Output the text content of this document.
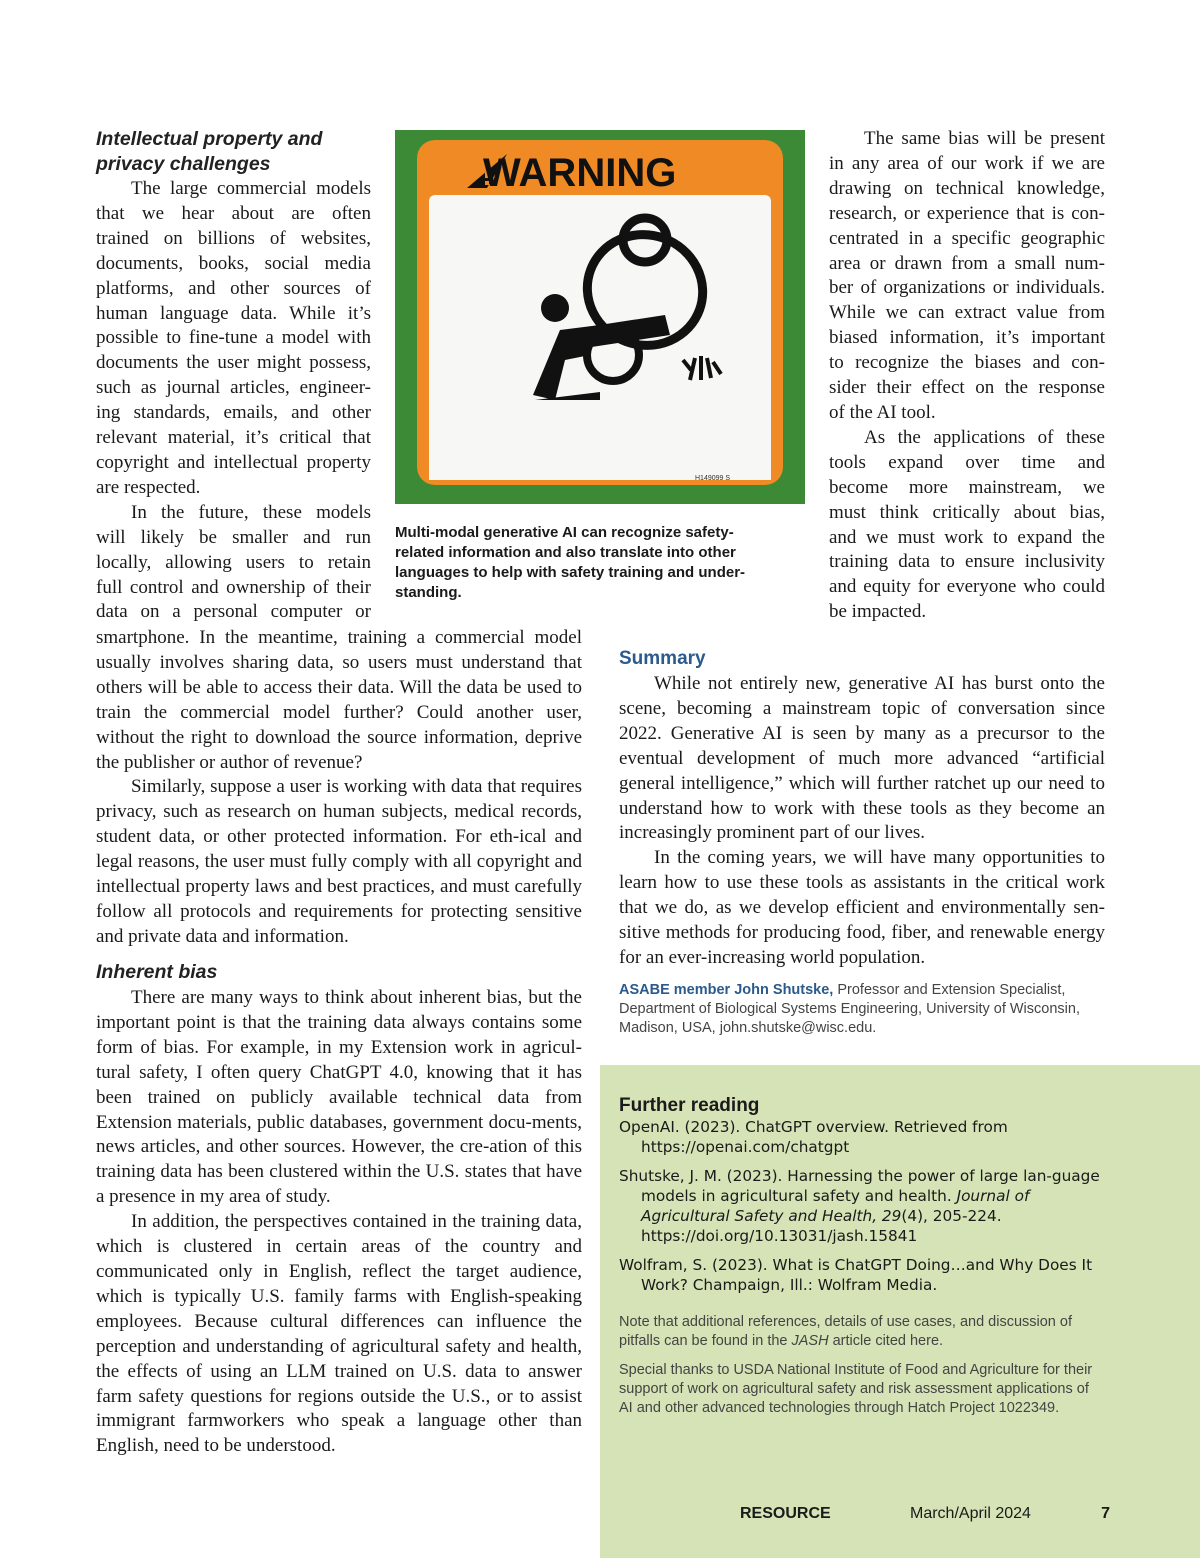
Intellectual property and

privacy challenges

The large commercial models
that we hear about are often
trained on billions of websites,
documents, books, social media
platforms, and other sources of
human language data. While it’s
possible to fine-tune a model with
documents the user might possess,
such as journal articles, engineer-
ing standards, emails, and other
relevant material, it’s critical that
copyright and intellectual property
are respected.
In the future, these models
will likely be smaller and run
locally, allowing users to retain
full control and ownership of their
data on a personal computer or

smartphone. In the meantime, training a commercial model usually involves sharing data, so users must understand that others will be able to access their data. Will the data be used to train the commercial model further? Could another user, without the right to download the source information, deprive the publisher or author of revenue?

Similarly, suppose a user is working with data that requires privacy, such as research on human subjects, medical records, student data, or other protected information. For eth-ical and legal reasons, the user must fully comply with all copyright and intellectual property laws and best practices, and must carefully follow all protocols and requirements for protecting sensitive and private data and information.

Inherent bias

There are many ways to think about inherent bias, but the important point is that the training data always contains some form of bias. For example, in my Extension work in agricul-tural safety, I often query ChatGPT 4.0, knowing that it has been trained on publicly available technical data from Extension materials, public databases, government docu-ments, news articles, and other sources. However, the cre-ation of this training data has been clustered within the U.S. states that have a presence in my area of study.

In addition, the perspectives contained in the training data, which is clustered in certain areas of the country and communicated only in English, reflect the target audience, which is typically U.S. family farms with English-speaking employees. Because cultural differences can influence the perception and understanding of agricultural safety and health, the effects of using an LLM trained on U.S. data to answer farm safety questions for regions outside the U.S., or to assist immigrant farmworkers who speak a language other than English, need to be understood.

WARNING
Never raise shield with the
engine running. Stop engine
and remove key.
H149099 S
Multi-modal generative AI can recognize safety-
related information and also translate into other
languages to help with safety training and under-
standing.
The same bias will be present
in any area of our work if we are
drawing on technical knowledge,
research, or experience that is con-
centrated in a specific geographic
area or drawn from a small num-
ber of organizations or individuals.
While we can extract value from
biased information, it’s important
to recognize the biases and con-
sider their effect on the response
of the AI tool.
As the applications of these
tools expand over time and
become more mainstream, we
must think critically about bias,
and we must work to expand the
training data to ensure inclusivity
and equity for everyone who could
be impacted.

Summary

While not entirely new, generative AI has burst onto the scene, becoming a mainstream topic of conversation since 2022. Generative AI is seen by many as a precursor to the eventual development of much more advanced “artificial general intelligence,” which will further ratchet up our need to understand how to work with these tools as they become an increasingly prominent part of our lives.

In the coming years, we will have many opportunities to learn how to use these tools as assistants in the critical work that we do, as we develop efficient and environmentally sen-sitive methods for producing food, fiber, and renewable energy for an ever-increasing world population.

ASABE member John Shutske, Professor and Extension Specialist, Department of Biological Systems Engineering, University of Wisconsin, Madison, USA, john.shutske@wisc.edu.

Further reading

OpenAI. (2023). ChatGPT overview. Retrieved from https://openai.com/chatgpt

Shutske, J. M. (2023). Harnessing the power of large lan-guage models in agricultural safety and health. Journal of Agricultural Safety and Health, 29(4), 205-224. https://doi.org/10.13031/jash.15841

Wolfram, S. (2023). What is ChatGPT Doing…and Why Does It Work? Champaign, Ill.: Wolfram Media.

Note that additional references, details of use cases, and discussion of pitfalls can be found in the JASH article cited here.

Special thanks to USDA National Institute of Food and Agriculture for their support of work on agricultural safety and risk assessment applications of AI and other advanced technologies through Hatch Project 1022349.

RESOURCE	March/April 2024	7
